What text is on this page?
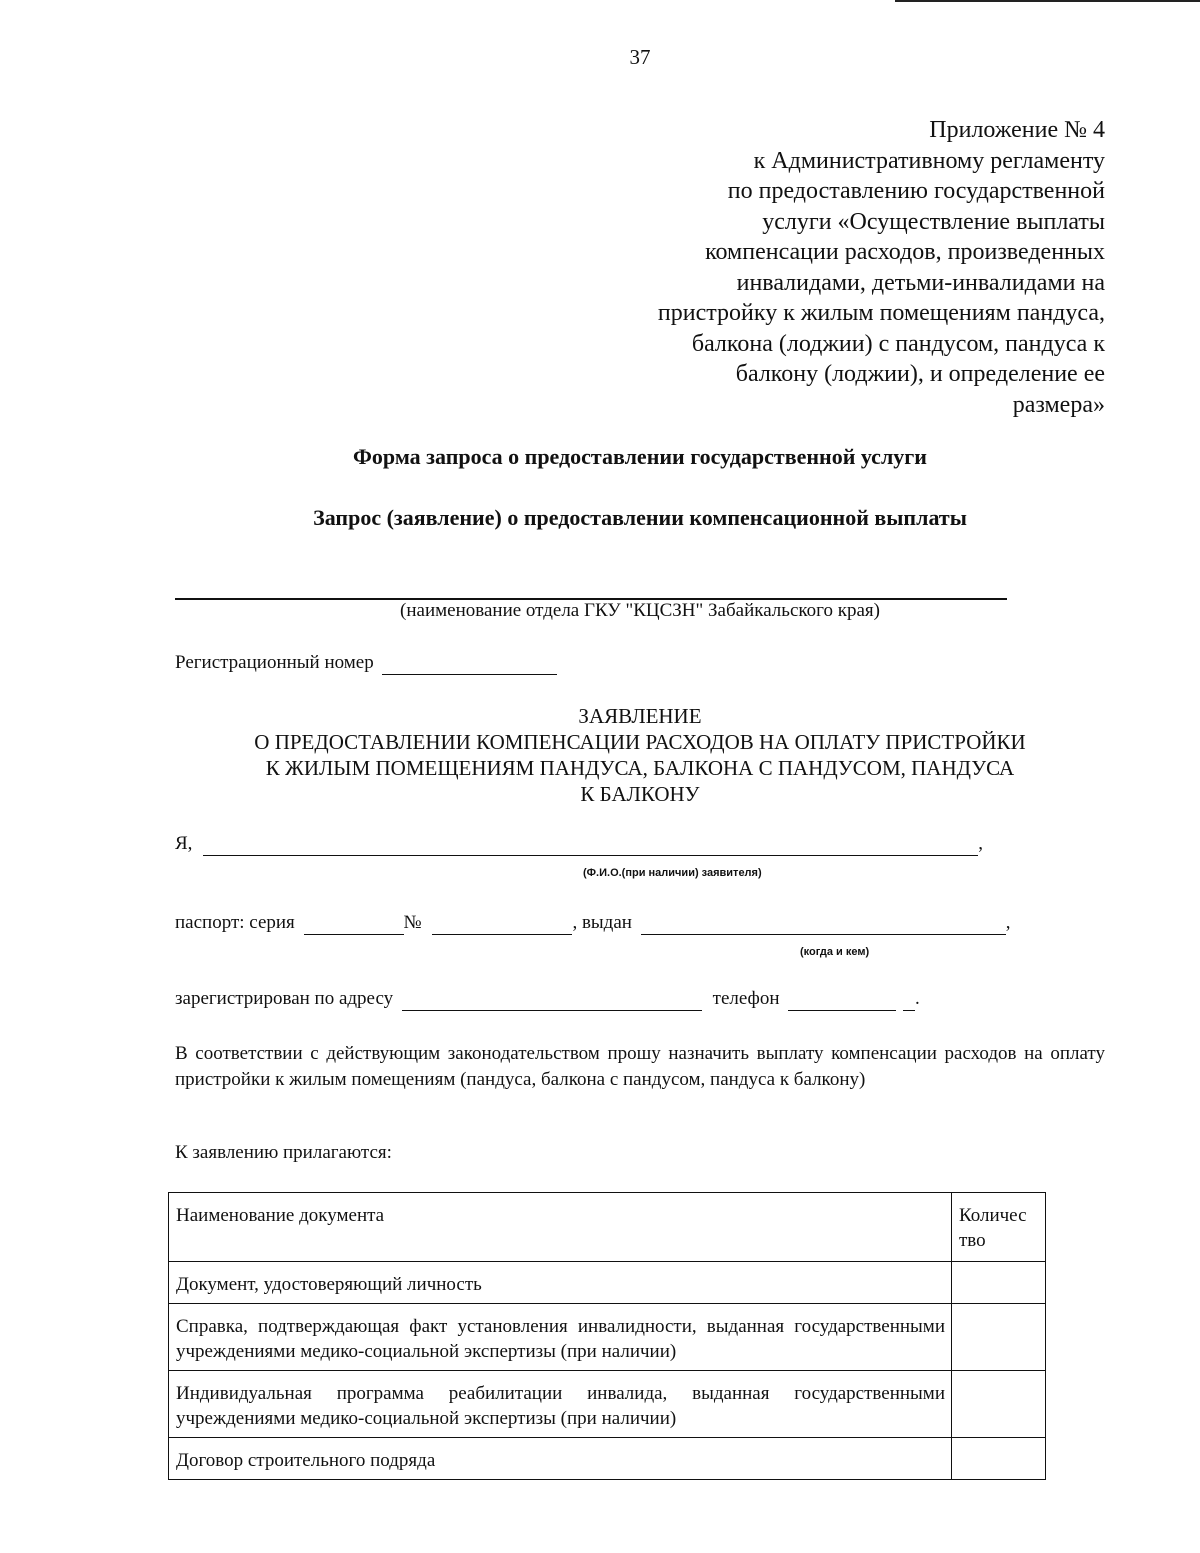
37
Приложение № 4
к Административному регламенту
по предоставлению государственной
услуги «Осуществление выплаты
компенсации расходов, произведенных
инвалидами, детьми-инвалидами на
пристройку к жилым помещениям пандуса,
балкона (лоджии) с пандусом, пандуса к
балкону (лоджии), и определение ее
размера»
Форма запроса о предоставлении государственной услуги
Запрос (заявление) о предоставлении компенсационной выплаты
(наименование отдела ГКУ "КЦСЗН" Забайкальского края)
Регистрационный номер
ЗАЯВЛЕНИЕ
О ПРЕДОСТАВЛЕНИИ КОМПЕНСАЦИИ РАСХОДОВ НА ОПЛАТУ ПРИСТРОЙКИ
К ЖИЛЫМ ПОМЕЩЕНИЯМ ПАНДУСА, БАЛКОНА С ПАНДУСОМ, ПАНДУСА
К БАЛКОНУ
Я,	,
(Ф.И.О.(при наличии) заявителя)
паспорт: серия	№	, выдан	,
(когда и кем)
зарегистрирован по адресу	телефон	.
В соответствии с действующим законодательством прошу назначить выплату компенсации расходов на оплату пристройки к жилым помещениям (пандуса, балкона с пандусом, пандуса к балкону)
К заявлению прилагаются:
Наименование документа	Количес тво
Документ, удостоверяющий личность	
Справка, подтверждающая факт установления инвалидности, выданная государственными учреждениями медико-социальной экспертизы (при наличии)	
Индивидуальная программа реабилитации инвалида, выданная государственными учреждениями медико-социальной экспертизы (при наличии)	
Договор строительного подряда	
